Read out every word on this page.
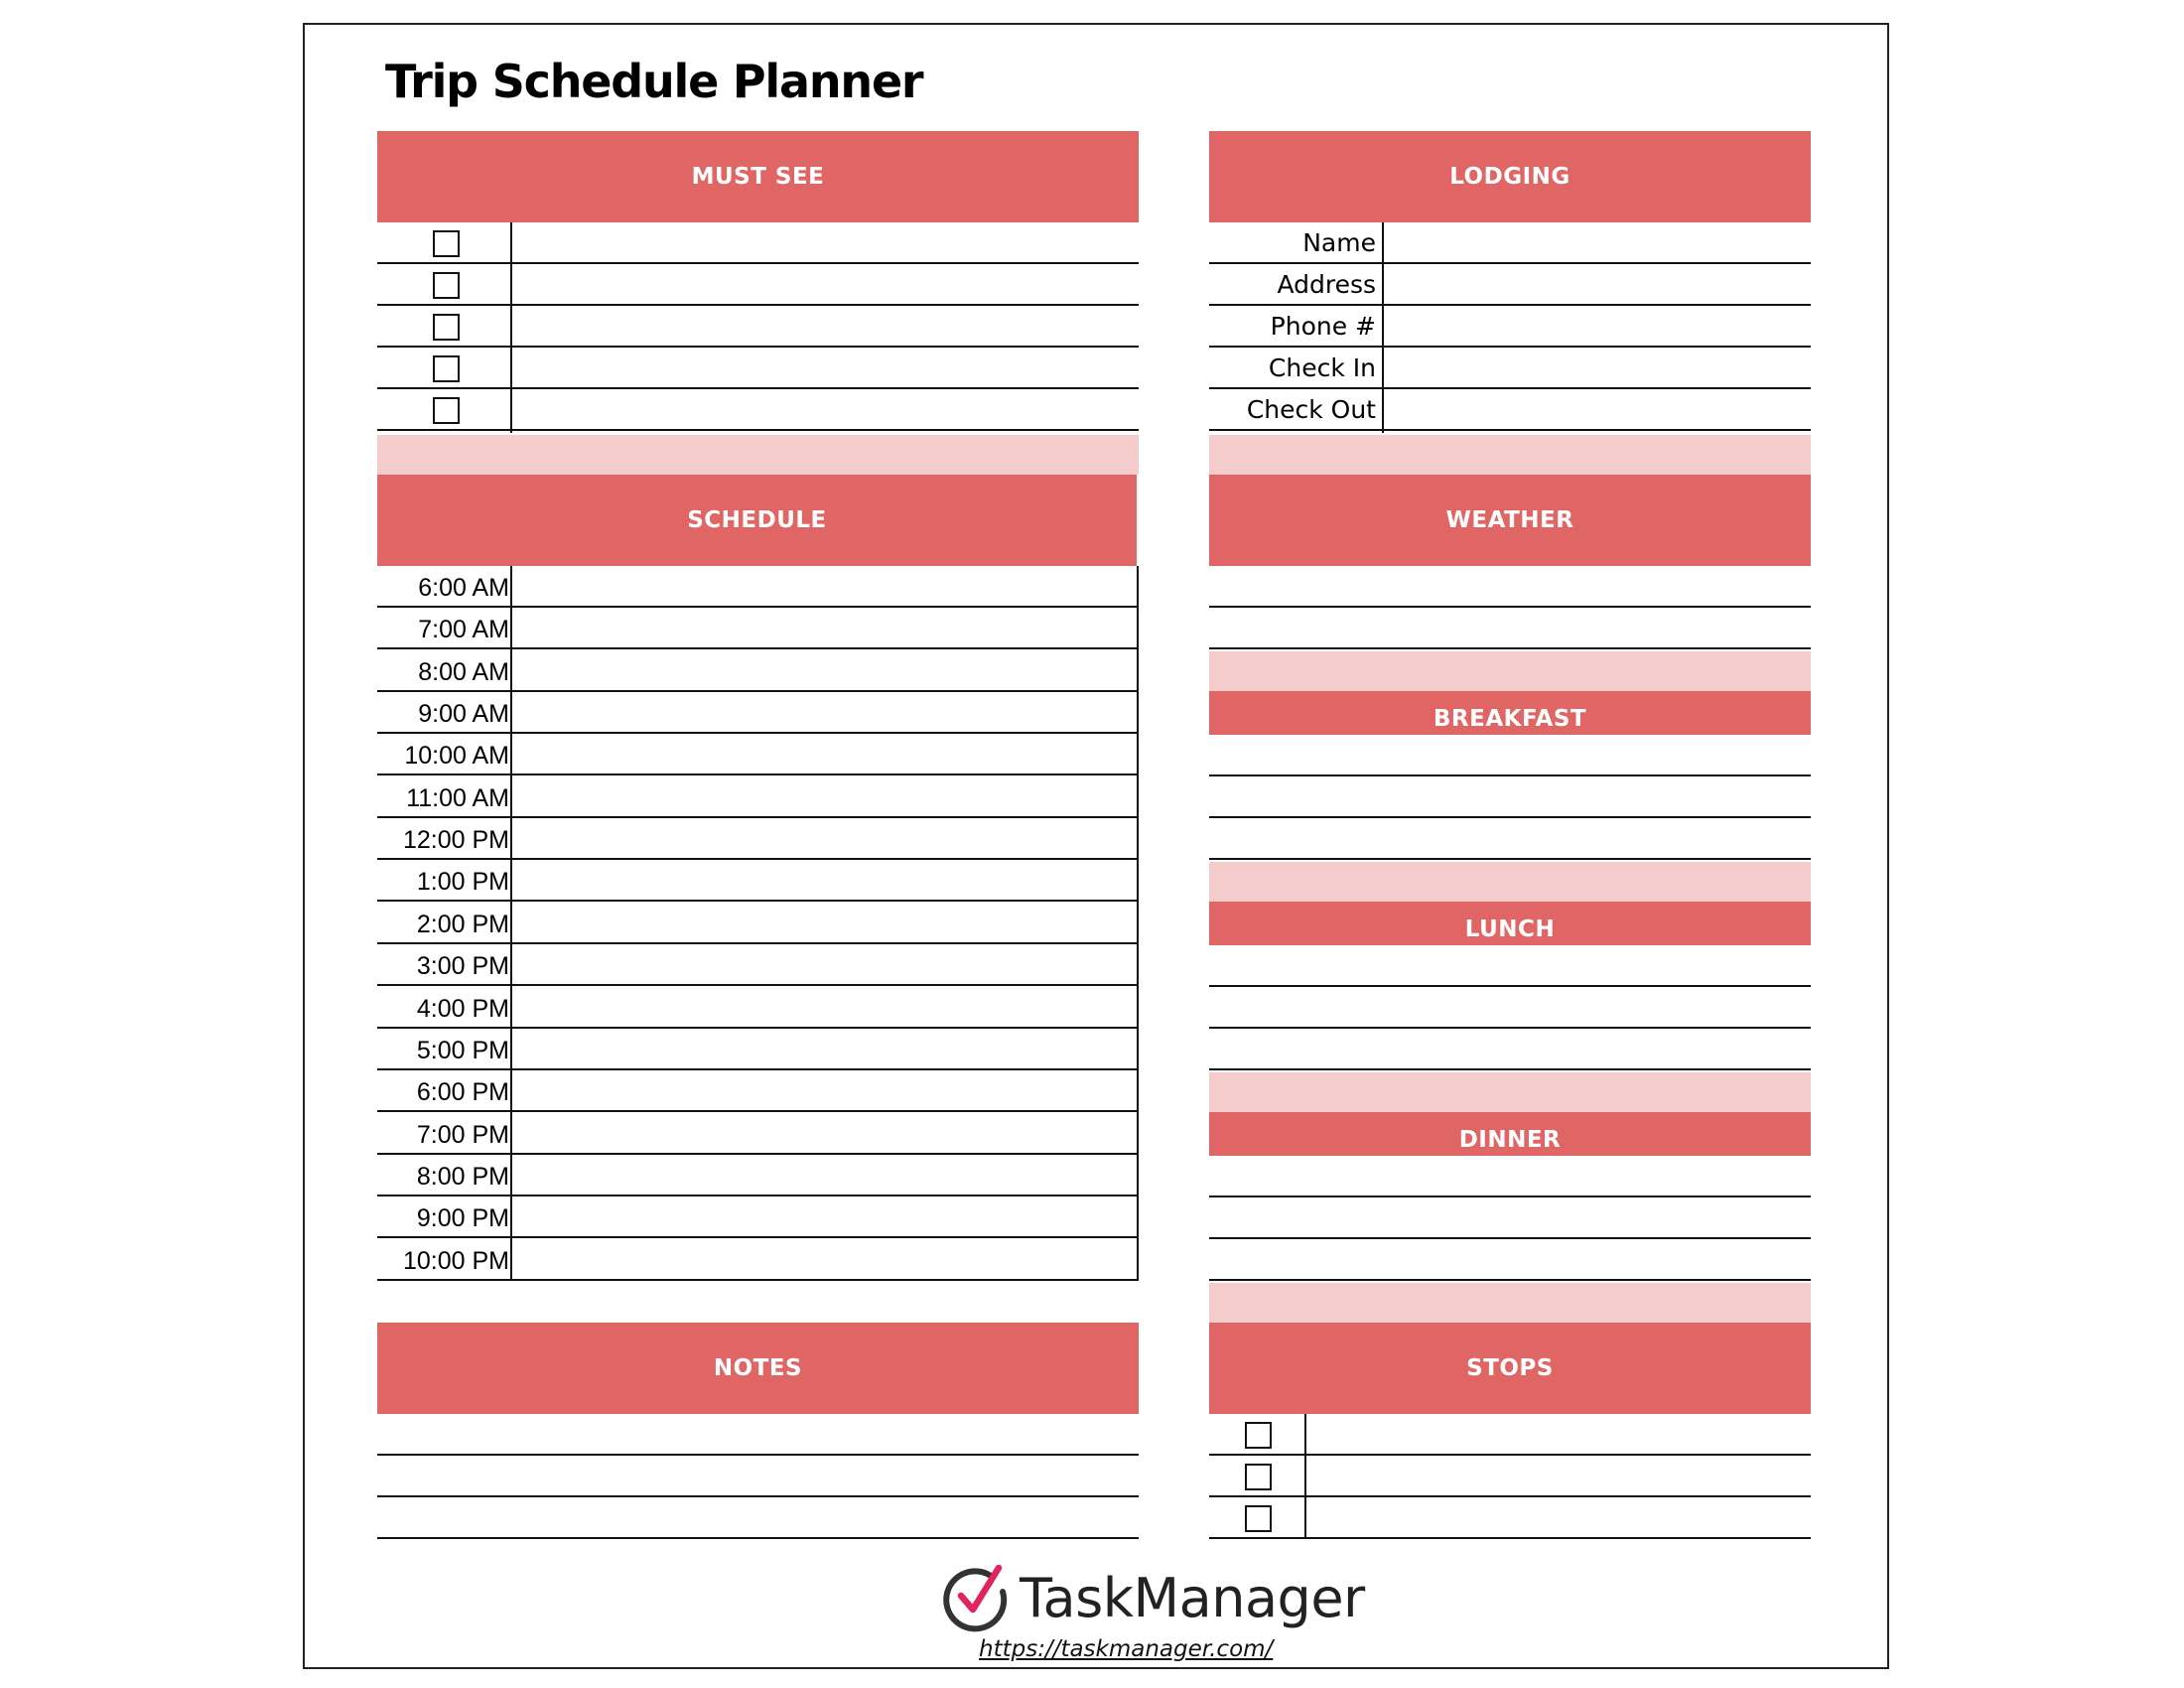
Trip Schedule Planner
MUST SEE	LODGING
Name
Address
Phone #
Check In
Check Out
SCHEDULE
6:00 AM
7:00 AM
8:00 AM
9:00 AM
10:00 AM
11:00 AM
12:00 PM
1:00 PM
2:00 PM
3:00 PM
4:00 PM
5:00 PM
6:00 PM
7:00 PM
8:00 PM
9:00 PM
10:00 PM
WEATHER
BREAKFAST
LUNCH
DINNER
NOTES	STOPS
TaskManager
https://taskmanager.com/
